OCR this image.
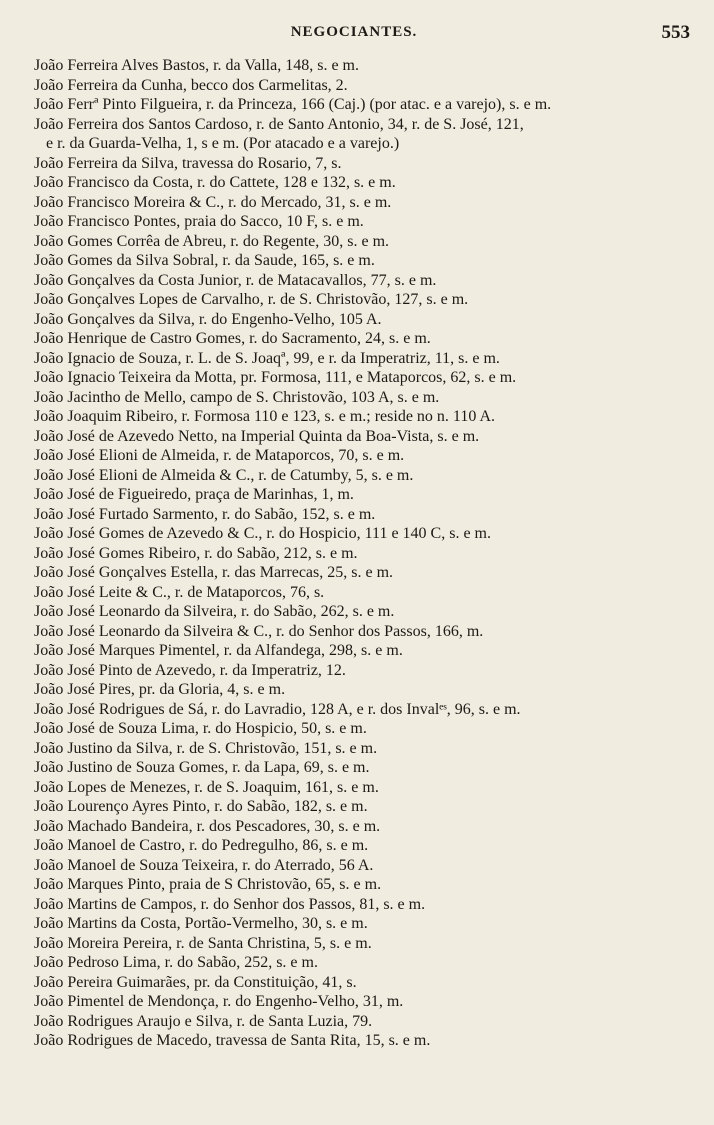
NEGOCIANTES.	553
João Ferreira Alves Bastos, r. da Valla, 148, s. e m.
João Ferreira da Cunha, becco dos Carmelitas, 2.
João Ferrª Pinto Filgueira, r. da Princeza, 166 (Caj.) (por atac. e a varejo), s. e m.
João Ferreira dos Santos Cardoso, r. de Santo Antonio, 34, r. de S. José, 121,
e r. da Guarda-Velha, 1, s e m. (Por atacado e a varejo.)
João Ferreira da Silva, travessa do Rosario, 7, s.
João Francisco da Costa, r. do Cattete, 128 e 132, s. e m.
João Francisco Moreira & C., r. do Mercado, 31, s. e m.
João Francisco Pontes, praia do Sacco, 10 F, s. e m.
João Gomes Corrêa de Abreu, r. do Regente, 30, s. e m.
João Gomes da Silva Sobral, r. da Saude, 165, s. e m.
João Gonçalves da Costa Junior, r. de Matacavallos, 77, s. e m.
João Gonçalves Lopes de Carvalho, r. de S. Christovão, 127, s. e m.
João Gonçalves da Silva, r. do Engenho-Velho, 105 A.
João Henrique de Castro Gomes, r. do Sacramento, 24, s. e m.
João Ignacio de Souza, r. L. de S. Joaqª, 99, e r. da Imperatriz, 11, s. e m.
João Ignacio Teixeira da Motta, pr. Formosa, 111, e Mataporcos, 62, s. e m.
João Jacintho de Mello, campo de S. Christovão, 103 A, s. e m.
João Joaquim Ribeiro, r. Formosa 110 e 123, s. e m.; reside no n. 110 A.
João José de Azevedo Netto, na Imperial Quinta da Boa-Vista, s. e m.
João José Elioni de Almeida, r. de Mataporcos, 70, s. e m.
João José Elioni de Almeida & C., r. de Catumby, 5, s. e m.
João José de Figueiredo, praça de Marinhas, 1, m.
João José Furtado Sarmento, r. do Sabão, 152, s. e m.
João José Gomes de Azevedo & C., r. do Hospicio, 111 e 140 C, s. e m.
João José Gomes Ribeiro, r. do Sabão, 212, s. e m.
João José Gonçalves Estella, r. das Marrecas, 25, s. e m.
João José Leite & C., r. de Mataporcos, 76, s.
João José Leonardo da Silveira, r. do Sabão, 262, s. e m.
João José Leonardo da Silveira & C., r. do Senhor dos Passos, 166, m.
João José Marques Pimentel, r. da Alfandega, 298, s. e m.
João José Pinto de Azevedo, r. da Imperatriz, 12.
João José Pires, pr. da Gloria, 4, s. e m.
João José Rodrigues de Sá, r. do Lavradio, 128 A, e r. dos Invalᵉˢ, 96, s. e m.
João José de Souza Lima, r. do Hospicio, 50, s. e m.
João Justino da Silva, r. de S. Christovão, 151, s. e m.
João Justino de Souza Gomes, r. da Lapa, 69, s. e m.
João Lopes de Menezes, r. de S. Joaquim, 161, s. e m.
João Lourenço Ayres Pinto, r. do Sabão, 182, s. e m.
João Machado Bandeira, r. dos Pescadores, 30, s. e m.
João Manoel de Castro, r. do Pedregulho, 86, s. e m.
João Manoel de Souza Teixeira, r. do Aterrado, 56 A.
João Marques Pinto, praia de S Christovão, 65, s. e m.
João Martins de Campos, r. do Senhor dos Passos, 81, s. e m.
João Martins da Costa, Portão-Vermelho, 30, s. e m.
João Moreira Pereira, r. de Santa Christina, 5, s. e m.
João Pedroso Lima, r. do Sabão, 252, s. e m.
João Pereira Guimarães, pr. da Constituição, 41, s.
João Pimentel de Mendonça, r. do Engenho-Velho, 31, m.
João Rodrigues Araujo e Silva, r. de Santa Luzia, 79.
João Rodrigues de Macedo, travessa de Santa Rita, 15, s. e m.
